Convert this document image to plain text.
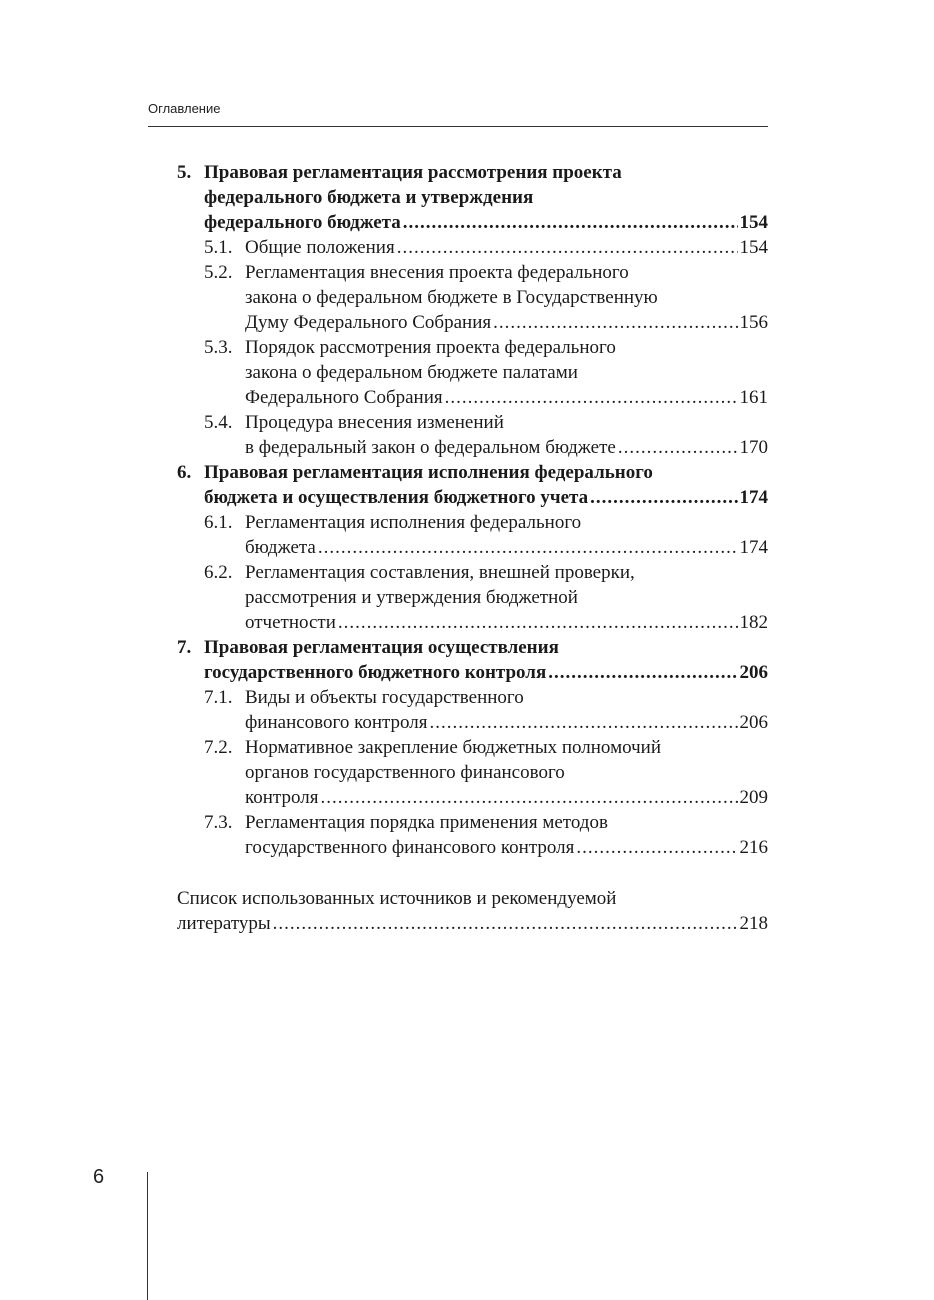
Оглавление
5. Правовая регламентация рассмотрения проекта
федерального бюджета и утверждения
федерального бюджета .....	154
5.1. Общие положения .....	154
5.2. Регламентация внесения проекта федерального
закона о федеральном бюджете в Государственную
Думу Федерального Собрания .....	156
5.3. Порядок рассмотрения проекта федерального
закона о федеральном бюджете палатами
Федерального Собрания .....	161
5.4. Процедура внесения изменений
в федеральный закон о федеральном бюджете .....	170
6. Правовая регламентация исполнения федерального
бюджета и осуществления бюджетного учета .....	174
6.1. Регламентация исполнения федерального
бюджета .....	174
6.2. Регламентация составления, внешней проверки,
рассмотрения и утверждения бюджетной
отчетности .....	182
7. Правовая регламентация осуществления
государственного бюджетного контроля .....	206
7.1. Виды и объекты государственного
финансового контроля .....	206
7.2. Нормативное закрепление бюджетных полномочий
органов государственного финансового
контроля .....	209
7.3. Регламентация порядка применения методов
государственного финансового контроля .....	216
Список использованных источников и рекомендуемой
литературы .....	218
6
